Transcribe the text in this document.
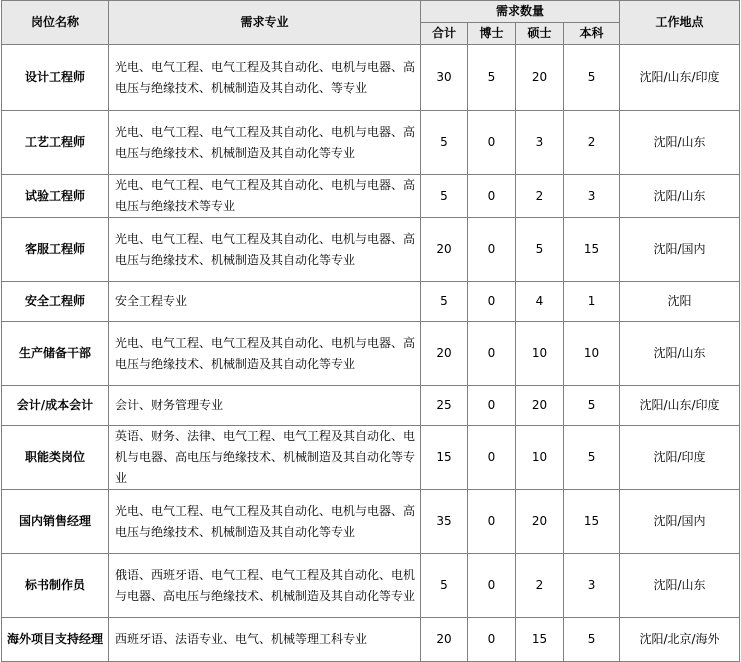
岗位名称	需求专业	需求数量				工作地点
		合计	博士	硕士	本科	
设计工程师	光电、电气工程、电气工程及其自动化、电机与电器、高电压与绝缘技术、机械制造及其自动化、等专业	30	5	20	5	沈阳/山东/印度
工艺工程师	光电、电气工程、电气工程及其自动化、电机与电器、高电压与绝缘技术、机械制造及其自动化等专业	5	0	3	2	沈阳/山东
试验工程师	光电、电气工程、电气工程及其自动化、电机与电器、高电压与绝缘技术等专业	5	0	2	3	沈阳/山东
客服工程师	光电、电气工程、电气工程及其自动化、电机与电器、高电压与绝缘技术、机械制造及其自动化等专业	20	0	5	15	沈阳/国内
安全工程师	安全工程专业	5	0	4	1	沈阳
生产储备干部	光电、电气工程、电气工程及其自动化、电机与电器、高电压与绝缘技术、机械制造及其自动化等专业	20	0	10	10	沈阳/山东
会计/成本会计	会计、财务管理专业	25	0	20	5	沈阳/山东/印度
职能类岗位	英语、财务、法律、电气工程、电气工程及其自动化、电机与电器、高电压与绝缘技术、机械制造及其自动化等专业	15	0	10	5	沈阳/印度
国内销售经理	光电、电气工程、电气工程及其自动化、电机与电器、高电压与绝缘技术、机械制造及其自动化等专业	35	0	20	15	沈阳/国内
标书制作员	俄语、西班牙语、电气工程、电气工程及其自动化、电机与电器、高电压与绝缘技术、机械制造及其自动化等专业	5	0	2	3	沈阳/山东
海外项目支持经理	西班牙语、法语专业、电气、机械等理工科专业	20	0	15	5	沈阳/北京/海外
